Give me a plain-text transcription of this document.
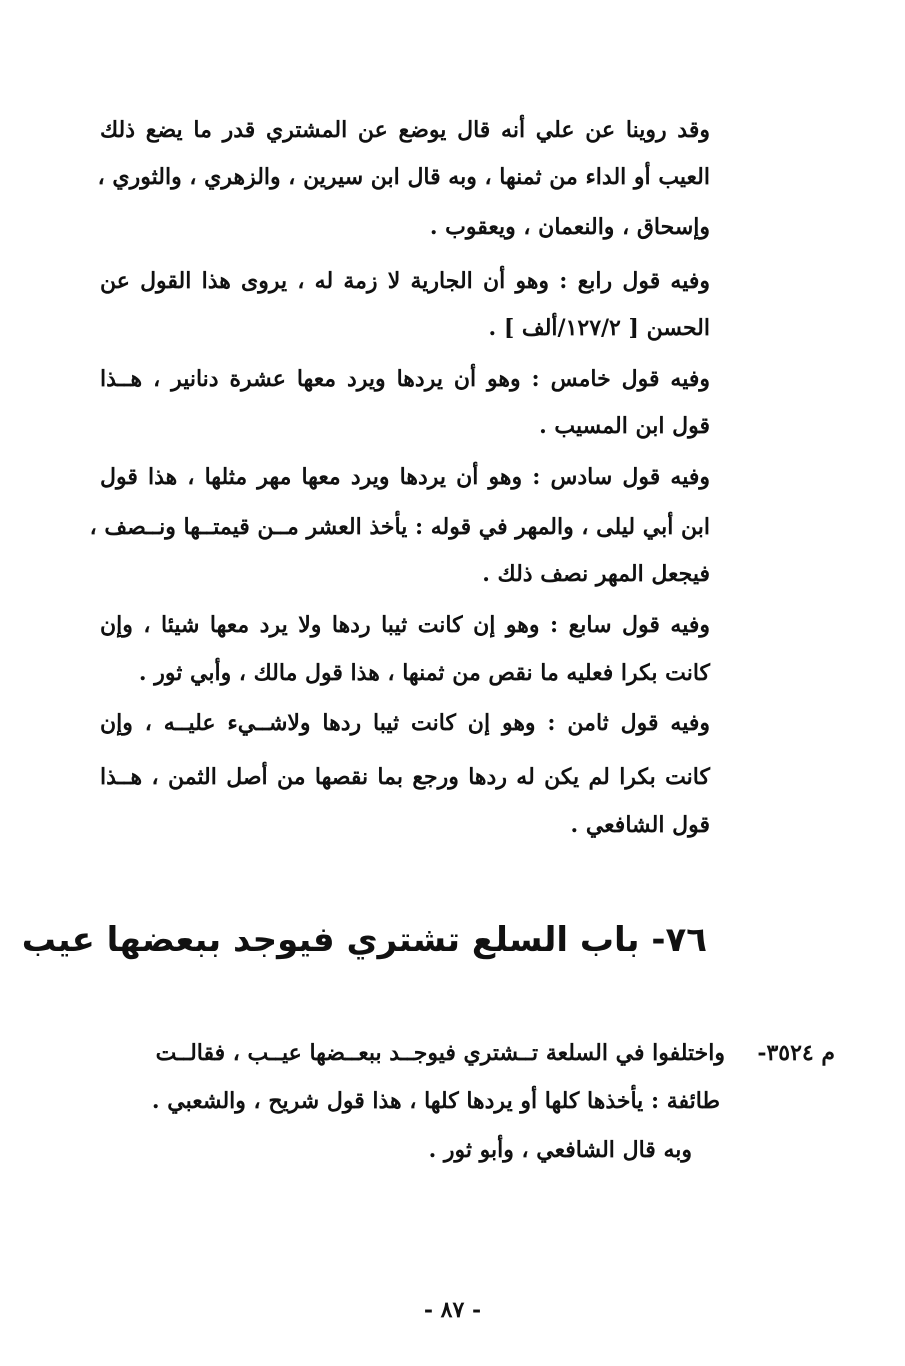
وقد روينا عن علي أنه قال يوضع عن المشتري قدر ما يضع ذلك
العيب أو الداء من ثمنها ، وبه قال ابن سيرين ، والزهري ، والثوري ،
وإسحاق ، والنعمان ، ويعقوب .
وفيه قول رابع : وهو أن الجارية لا زمة له ، يروى هذا القول عن
الحسن [ ١٢٧/٢/ألف ] .
وفيه قول خامس : وهو أن يردها ويرد معها عشرة دنانير ، هــذا
قول ابن المسيب .
وفيه قول سادس : وهو أن يردها ويرد معها مهر مثلها ، هذا قول
ابن أبي ليلى ، والمهر في قوله : يأخذ العشر مــن قيمتــها ونــصف ،
فيجعل المهر نصف ذلك .
وفيه قول سابع : وهو إن كانت ثيبا ردها ولا يرد معها شيئا ، وإن
كانت بكرا فعليه ما نقص من ثمنها ، هذا قول مالك ، وأبي ثور .
وفيه قول ثامن : وهو إن كانت ثيبا ردها ولاشــيء عليــه ، وإن
كانت بكرا لم يكن له ردها ورجع بما نقصها من أصل الثمن ، هــذا
قول الشافعي .
٧٦- باب السلع تشتري فيوجد ببعضها عيب
م ٣٥٢٤-
واختلفوا في السلعة تــشتري فيوجــد ببعــضها عيــب ، فقالــت
طائفة : يأخذها كلها أو يردها كلها ، هذا قول شريح ، والشعبي .
وبه قال الشافعي ، وأبو ثور .
- ٨٧ -
